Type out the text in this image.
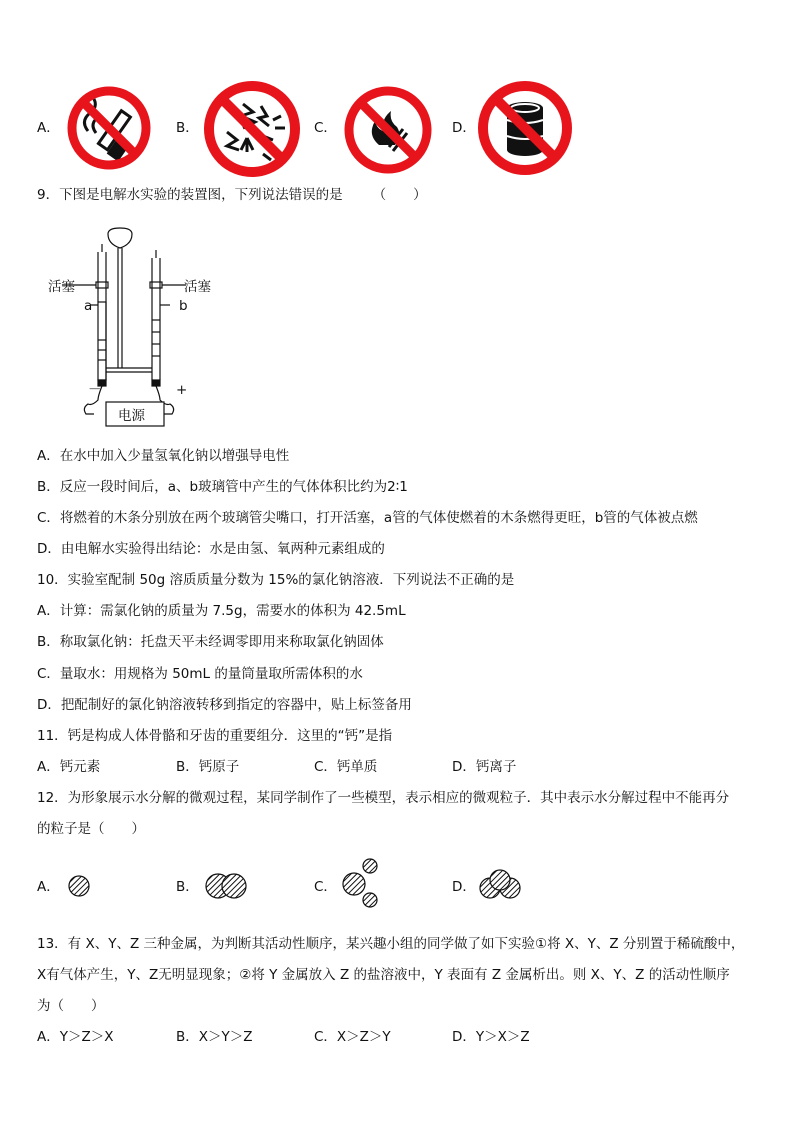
A．	B．	C．	D．
9．下图是电解水实验的装置图，下列说法错误的是 （　　）
活塞	活塞
a	b
－	+
电源
A．在水中加入少量氢氧化钠以增强导电性
B．反应一段时间后，a、b玻璃管中产生的气体体积比约为2∶1
C．将燃着的木条分别放在两个玻璃管尖嘴口，打开活塞，a管的气体使燃着的木条燃得更旺，b管的气体被点燃
D．由电解水实验得出结论：水是由氢、氧两种元素组成的
10．实验室配制 50g 溶质质量分数为 15%的氯化钠溶液．下列说法不正确的是
A．计算：需氯化钠的质量为 7.5g，需要水的体积为 42.5mL
B．称取氯化钠：托盘天平未经调零即用来称取氯化钠固体
C．量取水：用规格为 50mL 的量筒量取所需体积的水
D．把配制好的氯化钠溶液转移到指定的容器中，贴上标签备用
11．钙是构成人体骨骼和牙齿的重要组分．这里的“钙”是指
A．钙元素	B．钙原子	C．钙单质	D．钙离子
12．为形象展示水分解的微观过程，某同学制作了一些模型，表示相应的微观粒子．其中表示水分解过程中不能再分
的粒子是（　　）
A．	B．	C．	D．
13．有 X、Y、Z 三种金属，为判断其活动性顺序，某兴趣小组的同学做了如下实验①将 X、Y、Z 分别置于稀硫酸中，
X有气体产生，Y、Z无明显现象；②将 Y 金属放入 Z 的盐溶液中，Y 表面有 Z 金属析出。则 X、Y、Z 的活动性顺序
为（　　）
A．Y＞Z＞X	B．X＞Y＞Z	C．X＞Z＞Y	D．Y＞X＞Z
